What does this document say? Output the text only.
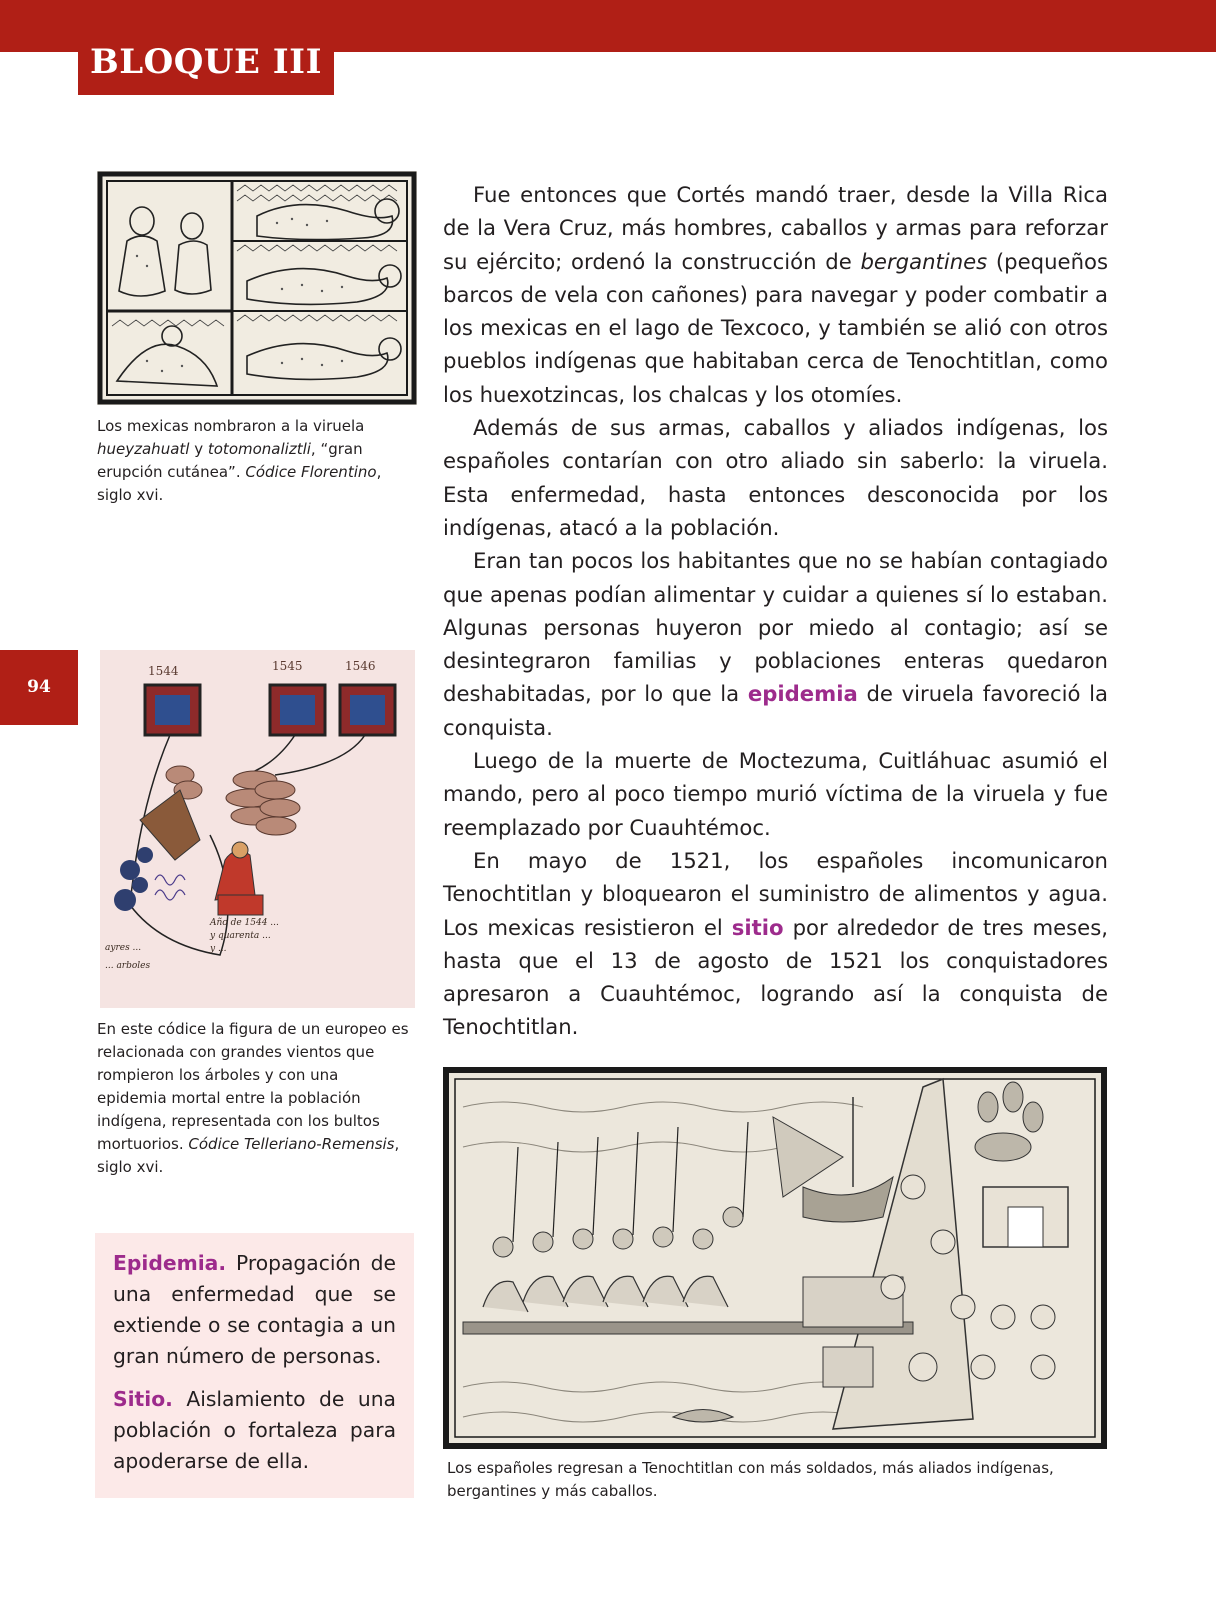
BLOQUE III
94
Los mexicas nombraron a la viruela hueyzahuatl y totomonaliztli, “gran erupción cutánea”. Códice Florentino, siglo xvi.
1544	1545	1546
Año de 1544 ...
y quarenta ...
y ...
ayres ...
... arboles
En este códice la figura de un europeo es relacionada con grandes vientos que rompieron los árboles y con una epidemia mortal entre la población indígena, representada con los bultos mortuorios. Códice Telleriano-Remensis, siglo xvi.

Fue entonces que Cortés mandó traer, desde la Villa Rica de la Vera Cruz, más hombres, caballos y armas para reforzar su ejército; ordenó la construcción de bergantines (pequeños barcos de vela con cañones) para navegar y poder combatir a los mexicas en el lago de Texcoco, y también se alió con otros pueblos indígenas que habitaban cerca de Tenochtitlan, como los huexotzincas, los chalcas y los otomíes.

Además de sus armas, caballos y aliados indígenas, los españoles contarían con otro aliado sin saberlo: la viruela. Esta enfermedad, hasta entonces desconocida por los indígenas, atacó a la población.

Eran tan pocos los habitantes que no se habían contagiado que apenas podían alimentar y cuidar a quienes sí lo estaban. Algunas personas huyeron por miedo al contagio; así se desintegraron familias y poblaciones enteras quedaron deshabitadas, por lo que la epidemia de viruela favoreció la conquista.

Luego de la muerte de Moctezuma, Cuitláhuac asumió el mando, pero al poco tiempo murió víctima de la viruela y fue reemplazado por Cuauhtémoc.

En mayo de 1521, los españoles incomunicaron Tenochtitlan y bloquearon el suministro de alimentos y agua. Los mexicas resistieron el sitio por alrededor de tres meses, hasta que el 13 de agosto de 1521 los conquistadores apresaron a Cuauhtémoc, logrando así la conquista de Tenochtitlan.

Los españoles regresan a Tenochtitlan con más soldados, más aliados indígenas, bergantines y más caballos.

Epidemia. Propagación de una enfermedad que se extiende o se contagia a un gran número de personas.

Sitio. Aislamiento de una población o fortaleza para apoderarse de ella.
